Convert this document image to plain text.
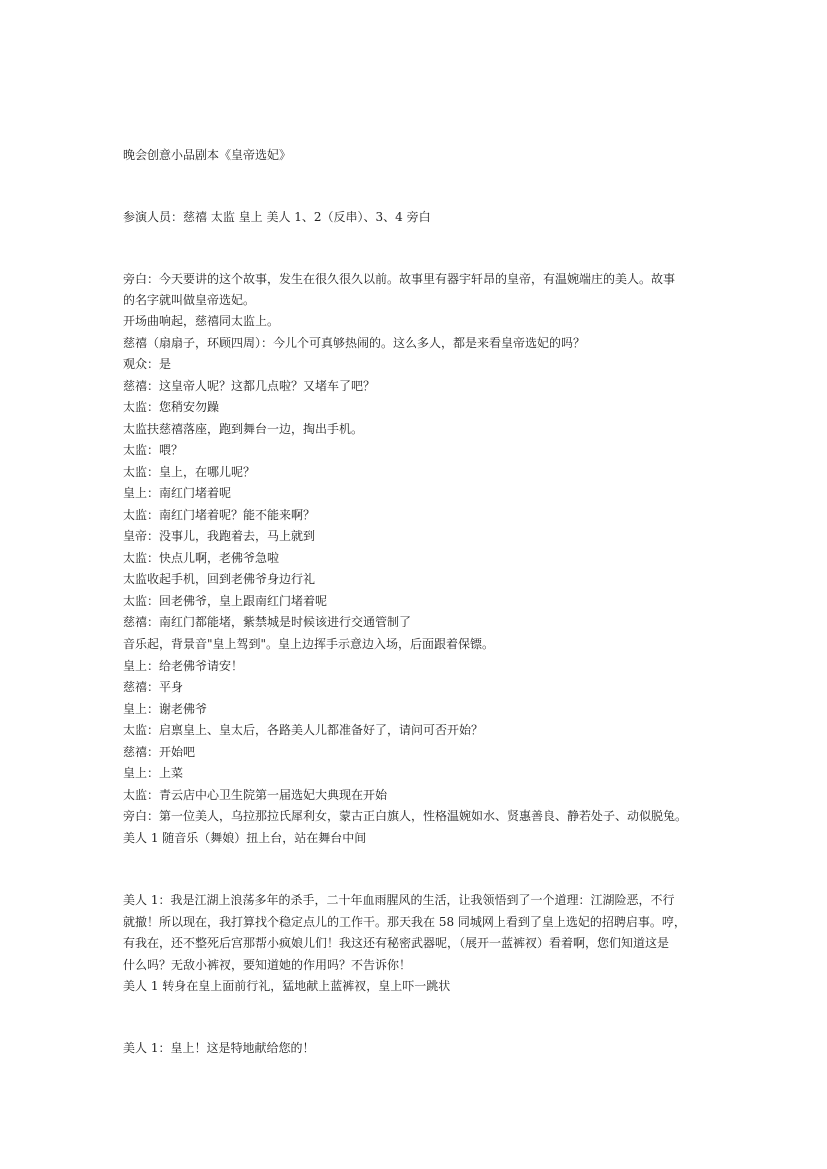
晚会创意小品剧本《皇帝选妃》
参演人员：慈禧 太监 皇上 美人 1、2（反串）、3、4 旁白
旁白：今天要讲的这个故事，发生在很久很久以前。故事里有器宇轩昂的皇帝，有温婉端庄的美人。故事
的名字就叫做皇帝选妃。
开场曲响起，慈禧同太监上。
慈禧（扇扇子，环顾四周）：今儿个可真够热闹的。这么多人，都是来看皇帝选妃的吗？
观众：是
慈禧：这皇帝人呢？这都几点啦？又堵车了吧？
太监：您稍安勿躁
太监扶慈禧落座，跑到舞台一边，掏出手机。
太监：喂？
太监：皇上，在哪儿呢？
皇上：南红门堵着呢
太监：南红门堵着呢？能不能来啊？
皇帝：没事儿，我跑着去，马上就到
太监：快点儿啊，老佛爷急啦
太监收起手机，回到老佛爷身边行礼
太监：回老佛爷，皇上跟南红门堵着呢
慈禧：南红门都能堵，紫禁城是时候该进行交通管制了
音乐起，背景音"皇上驾到"。皇上边挥手示意边入场，后面跟着保镖。
皇上：给老佛爷请安！
慈禧：平身
皇上：谢老佛爷
太监：启禀皇上、皇太后，各路美人儿都准备好了，请问可否开始？
慈禧：开始吧
皇上：上菜
太监：青云店中心卫生院第一届选妃大典现在开始
旁白：第一位美人，乌拉那拉氏犀利女，蒙古正白旗人，性格温婉如水、贤惠善良、静若处子、动似脱兔。
美人 1 随音乐（舞娘）扭上台，站在舞台中间
美人 1：我是江湖上浪荡多年的杀手，二十年血雨腥风的生活，让我领悟到了一个道理：江湖险恶，不行
就撤！所以现在，我打算找个稳定点儿的工作干。那天我在 58 同城网上看到了皇上选妃的招聘启事。哼，
有我在，还不整死后宫那帮小疯娘儿们！我这还有秘密武器呢，（展开一蓝裤衩）看着啊，您们知道这是
什么吗？无敌小裤衩，要知道她的作用吗？不告诉你！
美人 1 转身在皇上面前行礼，猛地献上蓝裤衩，皇上吓一跳状
美人 1：皇上！这是特地献给您的！
